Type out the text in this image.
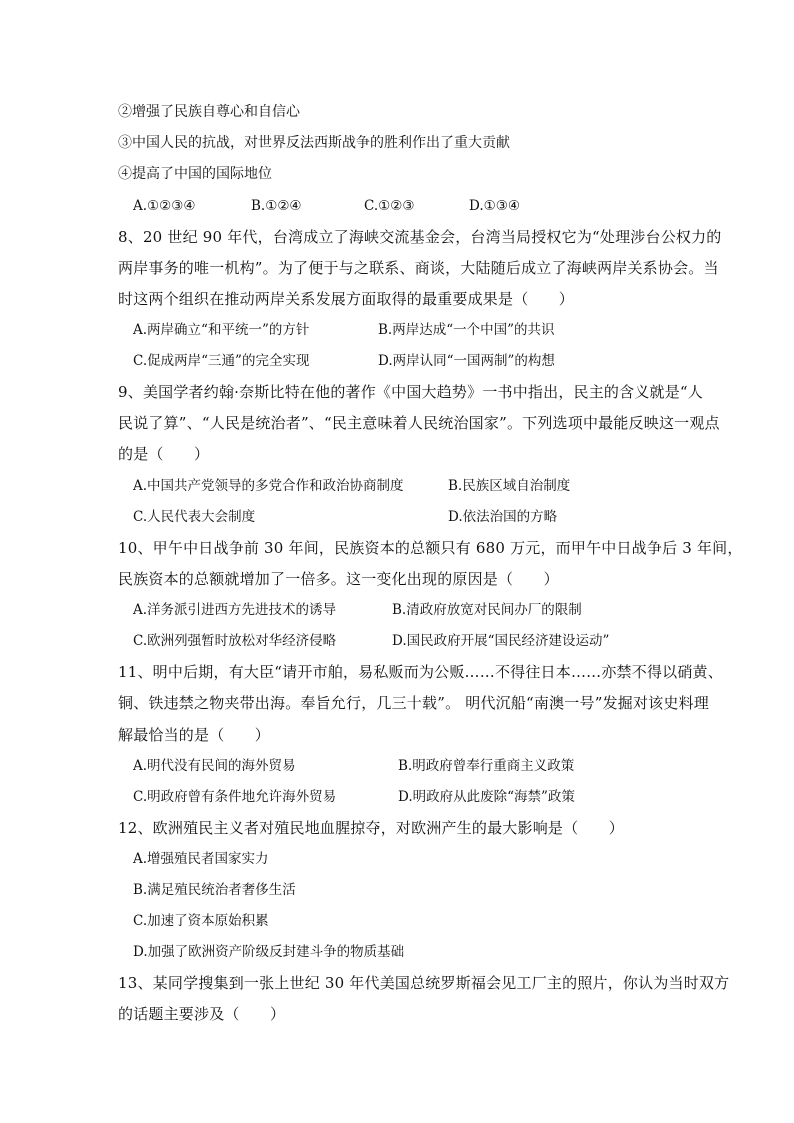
②增强了民族自尊心和自信心
③中国人民的抗战，对世界反法西斯战争的胜利作出了重大贡献
④提高了中国的国际地位
A.①②③④	B.①②④	C.①②③	D.①③④
8、20 世纪 90 年代，台湾成立了海峡交流基金会，台湾当局授权它为“处理涉台公权力的
两岸事务的唯一机构”。为了便于与之联系、商谈，大陆随后成立了海峡两岸关系协会。当
时这两个组织在推动两岸关系发展方面取得的最重要成果是（　　）
A.两岸确立“和平统一”的方针	B.两岸达成“一个中国”的共识
C.促成两岸“三通”的完全实现	D.两岸认同“一国两制”的构想
9、美国学者约翰·奈斯比特在他的著作《中国大趋势》一书中指出，民主的含义就是“人
民说了算”、“人民是统治者”、“民主意味着人民统治国家”。下列选项中最能反映这一观点
的是（　　）
A.中国共产党领导的多党合作和政治协商制度	B.民族区域自治制度
C.人民代表大会制度	D.依法治国的方略
10、甲午中日战争前 30 年间，民族资本的总额只有 680 万元，而甲午中日战争后 3 年间，
民族资本的总额就增加了一倍多。这一变化出现的原因是（　　）
A.洋务派引进西方先进技术的诱导	B.清政府放宽对民间办厂的限制
C.欧洲列强暂时放松对华经济侵略	D.国民政府开展“国民经济建设运动”
11、明中后期，有大臣“请开市舶，易私贩而为公贩……不得往日本……亦禁不得以硝黄、
铜、铁违禁之物夹带出海。奉旨允行，几三十载”。 明代沉船“南澳一号”发掘对该史料理
解最恰当的是（　　）
A.明代没有民间的海外贸易	B.明政府曾奉行重商主义政策
C.明政府曾有条件地允许海外贸易	D.明政府从此废除“海禁”政策
12、欧洲殖民主义者对殖民地血腥掠夺，对欧洲产生的最大影响是（　　）
A.增强殖民者国家实力
B.满足殖民统治者奢侈生活
C.加速了资本原始积累
D.加强了欧洲资产阶级反封建斗争的物质基础
13、某同学搜集到一张上世纪 30 年代美国总统罗斯福会见工厂主的照片，你认为当时双方
的话题主要涉及（　　）
